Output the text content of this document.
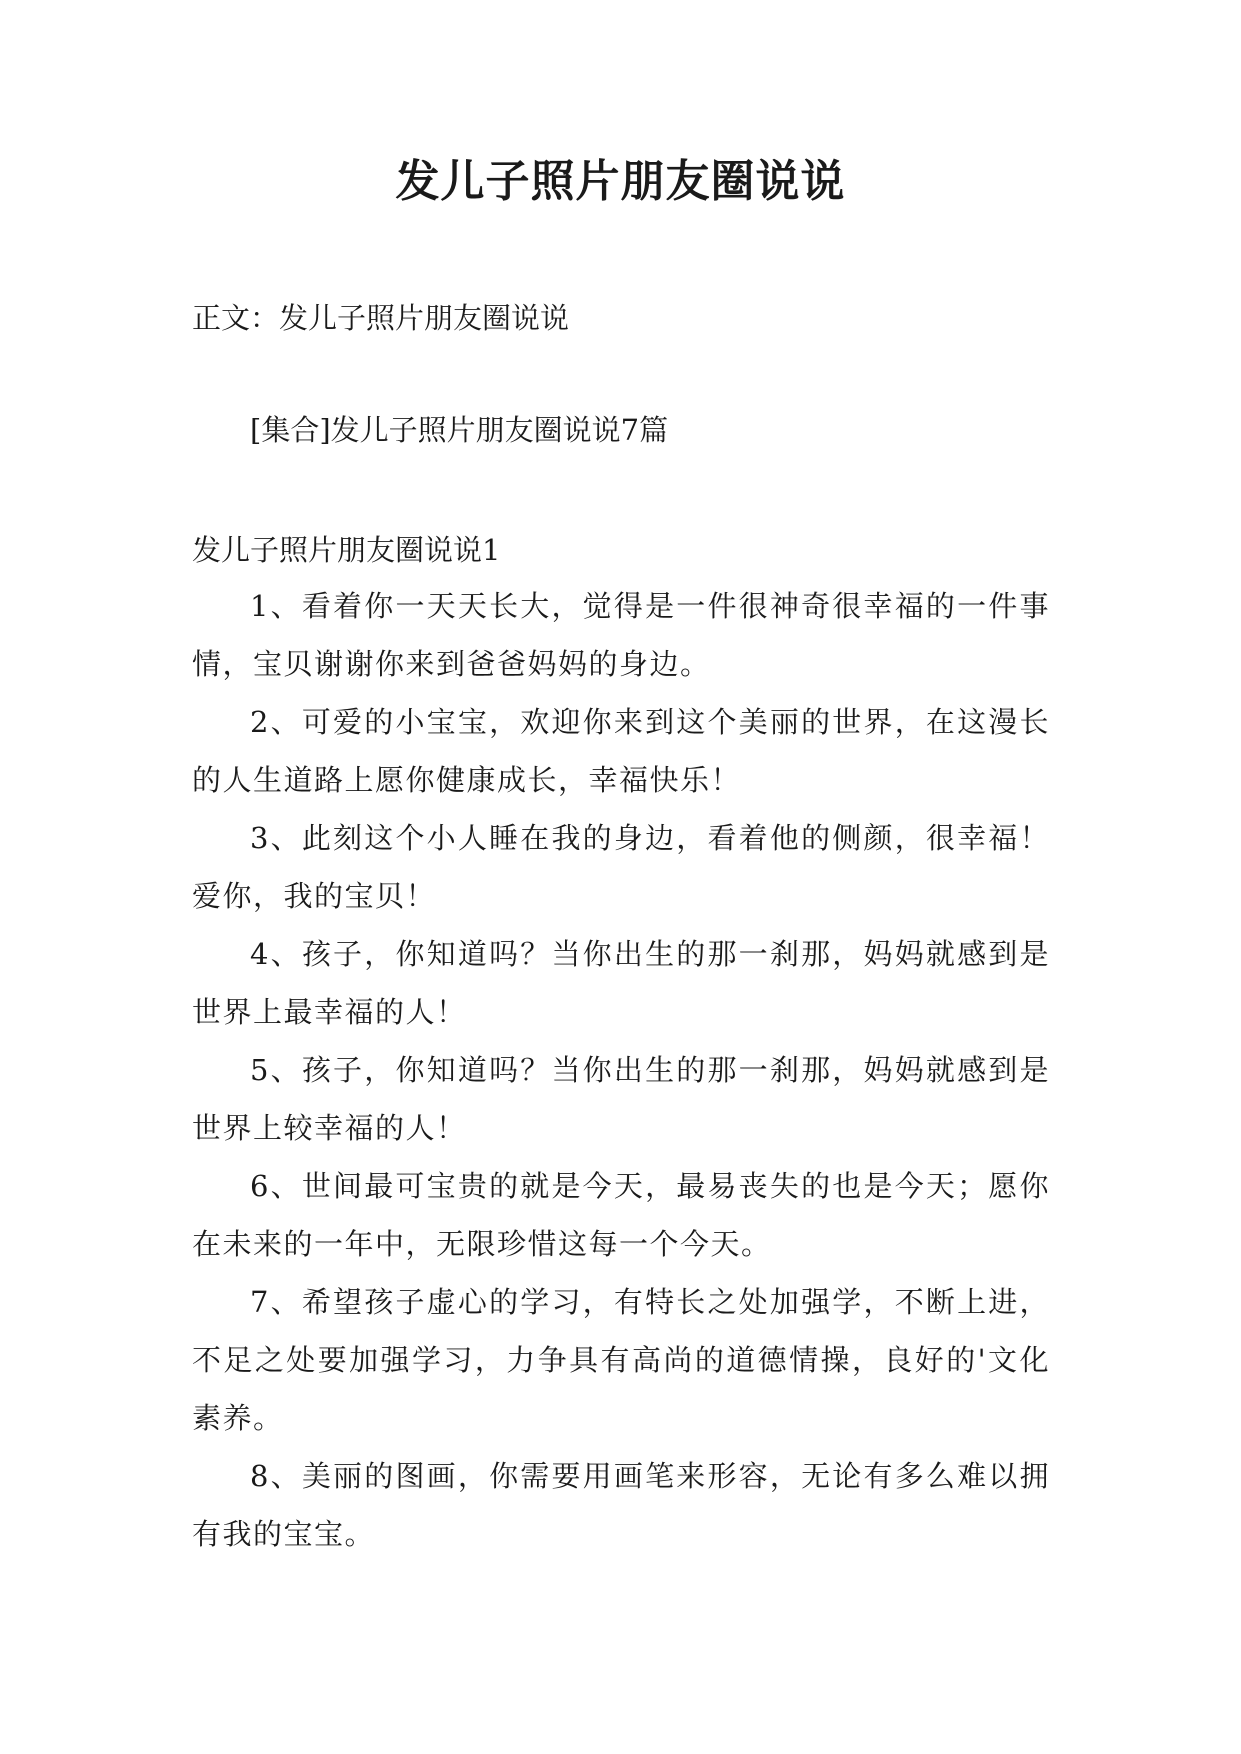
发儿子照片朋友圈说说

正文：发儿子照片朋友圈说说

[集合]发儿子照片朋友圈说说7篇

发儿子照片朋友圈说说1

1、看着你一天天长大，觉得是一件很神奇很幸福的一件事情，宝贝谢谢你来到爸爸妈妈的身边。

2、可爱的小宝宝，欢迎你来到这个美丽的世界，在这漫长的人生道路上愿你健康成长，幸福快乐！

3、此刻这个小人睡在我的身边，看着他的侧颜，很幸福！爱你，我的宝贝！

4、孩子，你知道吗？当你出生的那一刹那，妈妈就感到是世界上最幸福的人！

5、孩子，你知道吗？当你出生的那一刹那，妈妈就感到是世界上较幸福的人！

6、世间最可宝贵的就是今天，最易丧失的也是今天；愿你在未来的一年中，无限珍惜这每一个今天。

7、希望孩子虚心的学习，有特长之处加强学，不断上进，不足之处要加强学习，力争具有高尚的道德情操，良好的'文化素养。

8、美丽的图画，你需要用画笔来形容，无论有多么难以拥有我的宝宝。
